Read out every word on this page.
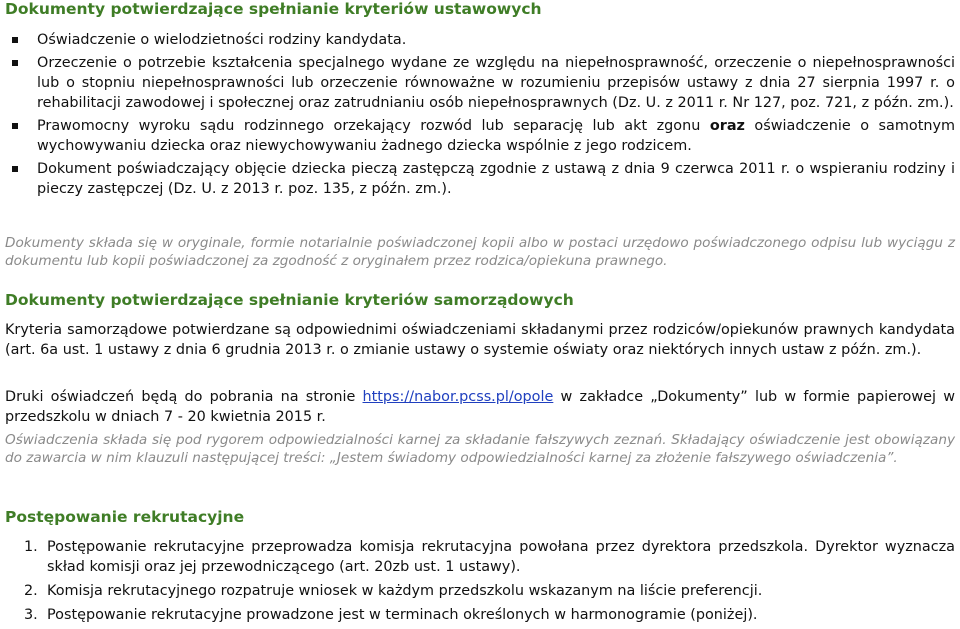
Dokumenty potwierdzające spełnianie kryteriów ustawowych
Oświadczenie o wielodzietności rodziny kandydata.
Orzeczenie o potrzebie kształcenia specjalnego wydane ze względu na niepełnosprawność, orzeczenie o niepełnosprawności lub o stopniu niepełnosprawności lub orzeczenie równoważne w rozumieniu przepisów ustawy z dnia 27 sierpnia 1997 r. o rehabilitacji zawodowej i społecznej oraz zatrudnianiu osób niepełnosprawnych (Dz. U. z 2011 r. Nr 127, poz. 721, z późn. zm.).
Prawomocny wyroku sądu rodzinnego orzekający rozwód lub separację lub akt zgonu oraz oświadczenie o samotnym wychowywaniu dziecka oraz niewychowywaniu żadnego dziecka wspólnie z jego rodzicem.
Dokument poświadczający objęcie dziecka pieczą zastępczą zgodnie z ustawą z dnia 9 czerwca 2011 r. o wspieraniu rodziny i pieczy zastępczej (Dz. U. z 2013 r. poz. 135, z późn. zm.).

Dokumenty składa się w oryginale, formie notarialnie poświadczonej kopii albo w postaci urzędowo poświadczonego odpisu lub wyciągu z dokumentu lub kopii poświadczonej za zgodność z oryginałem przez rodzica/opiekuna prawnego.

Dokumenty potwierdzające spełnianie kryteriów samorządowych

Kryteria samorządowe potwierdzane są odpowiednimi oświadczeniami składanymi przez rodziców/opiekunów prawnych kandydata (art. 6a ust. 1 ustawy z dnia 6 grudnia 2013 r. o zmianie ustawy o systemie oświaty oraz niektórych innych ustaw z późn. zm.).

Druki oświadczeń będą do pobrania na stronie https://nabor.pcss.pl/opole w zakładce „Dokumenty” lub w formie papierowej w przedszkolu w dniach 7 - 20 kwietnia 2015 r.

Oświadczenia składa się pod rygorem odpowiedzialności karnej za składanie fałszywych zeznań. Składający oświadczenie jest obowiązany do zawarcia w nim klauzuli następującej treści: „Jestem świadomy odpowiedzialności karnej za złożenie fałszywego oświadczenia”.

Postępowanie rekrutacyjne
1. Postępowanie rekrutacyjne przeprowadza komisja rekrutacyjna powołana przez dyrektora przedszkola. Dyrektor wyznacza skład komisji oraz jej przewodniczącego (art. 20zb ust. 1 ustawy).
2. Komisja rekrutacyjnego rozpatruje wniosek w każdym przedszkolu wskazanym na liście preferencji.
3. Postępowanie rekrutacyjne prowadzone jest w terminach określonych w harmonogramie (poniżej).
